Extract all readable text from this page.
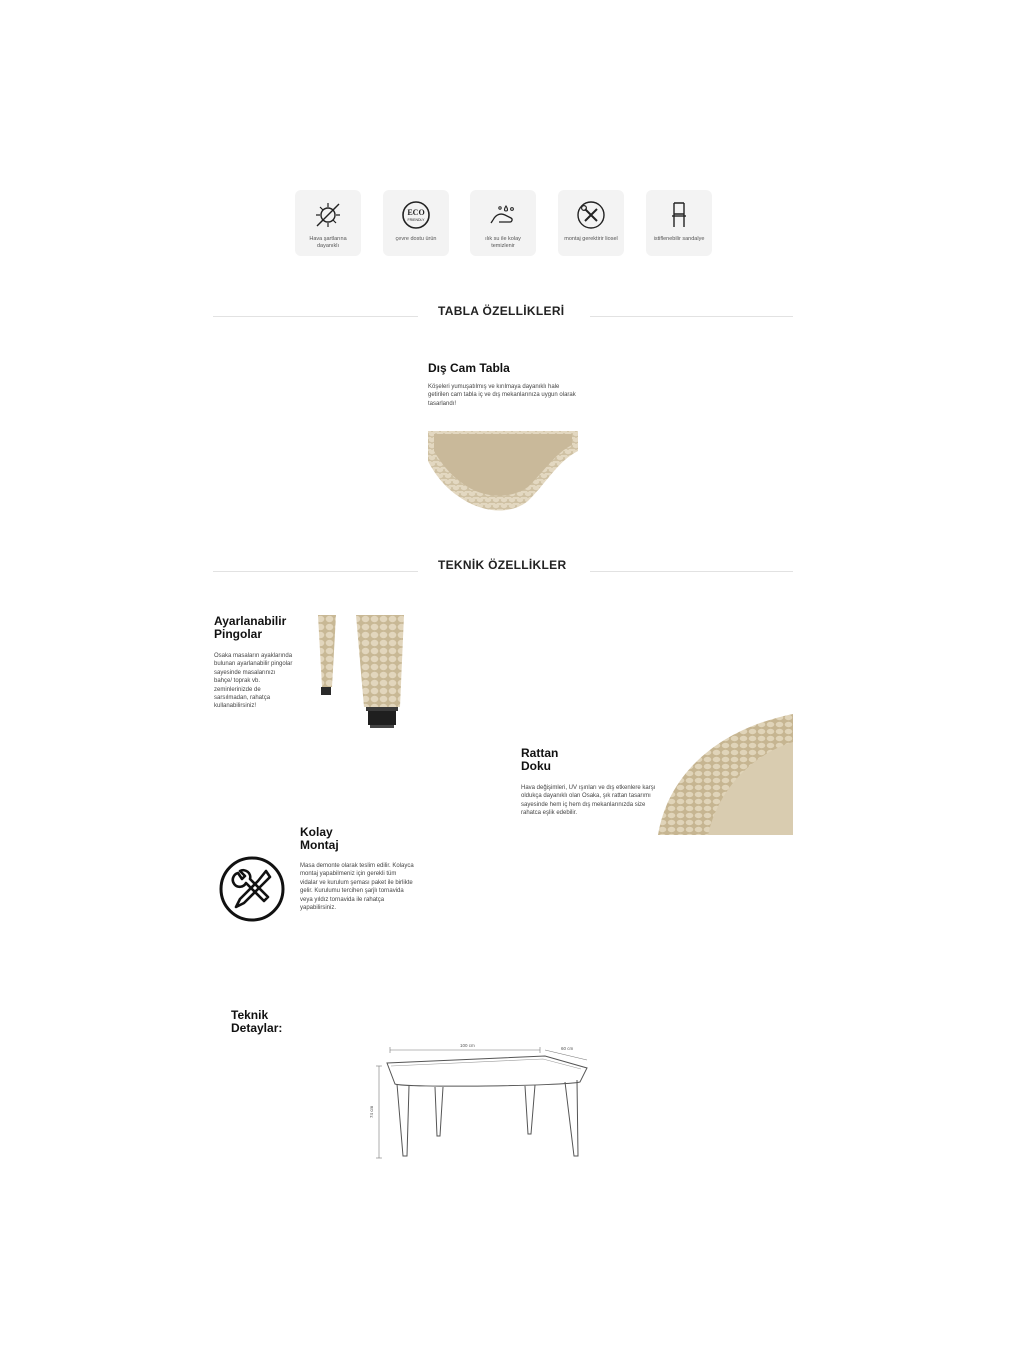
Hava şartlarına dayanıklı
ECO
FRIENDLY
çevre dostu ürün	ılık su ile kolay temizlenir
montaj gerektirir liosel	istiflenebilir sandalye
TABLA ÖZELLİKLERİ
Dış Cam Tabla
Köşeleri yumuşatılmış ve kırılmaya dayanıklı hale getirilen cam tabla iç ve dış mekanlarınıza uygun olarak tasarlandı!
TEKNİK ÖZELLİKLER
Ayarlanabilir
Pingolar
Osaka masaların ayaklarında bulunan ayarlanabilir pingolar sayesinde masalarınızı bahçe/ toprak vb. zeminlerinizde de sarsılmadan, rahatça kullanabilirsiniz!
Rattan
Doku
Hava değişimleri, UV ışınları ve dış etkenlere karşı oldukça dayanıklı olan Osaka, şık rattan tasarımı sayesinde hem iç hem dış mekanlarınızda size rahatca eşlik edebilir.
Kolay
Montaj
Masa demonte olarak teslim edilir. Kolayca montaj yapabilmeniz için gerekli tüm vidalar ve kurulum şeması paket ile birlikte gelir. Kurulumu tercihen şarjlı tornavida veya yıldız tornavida ile rahatça yapabilirsiniz.
Teknik
Detaylar:
100 cm
60 cm
74 cm
